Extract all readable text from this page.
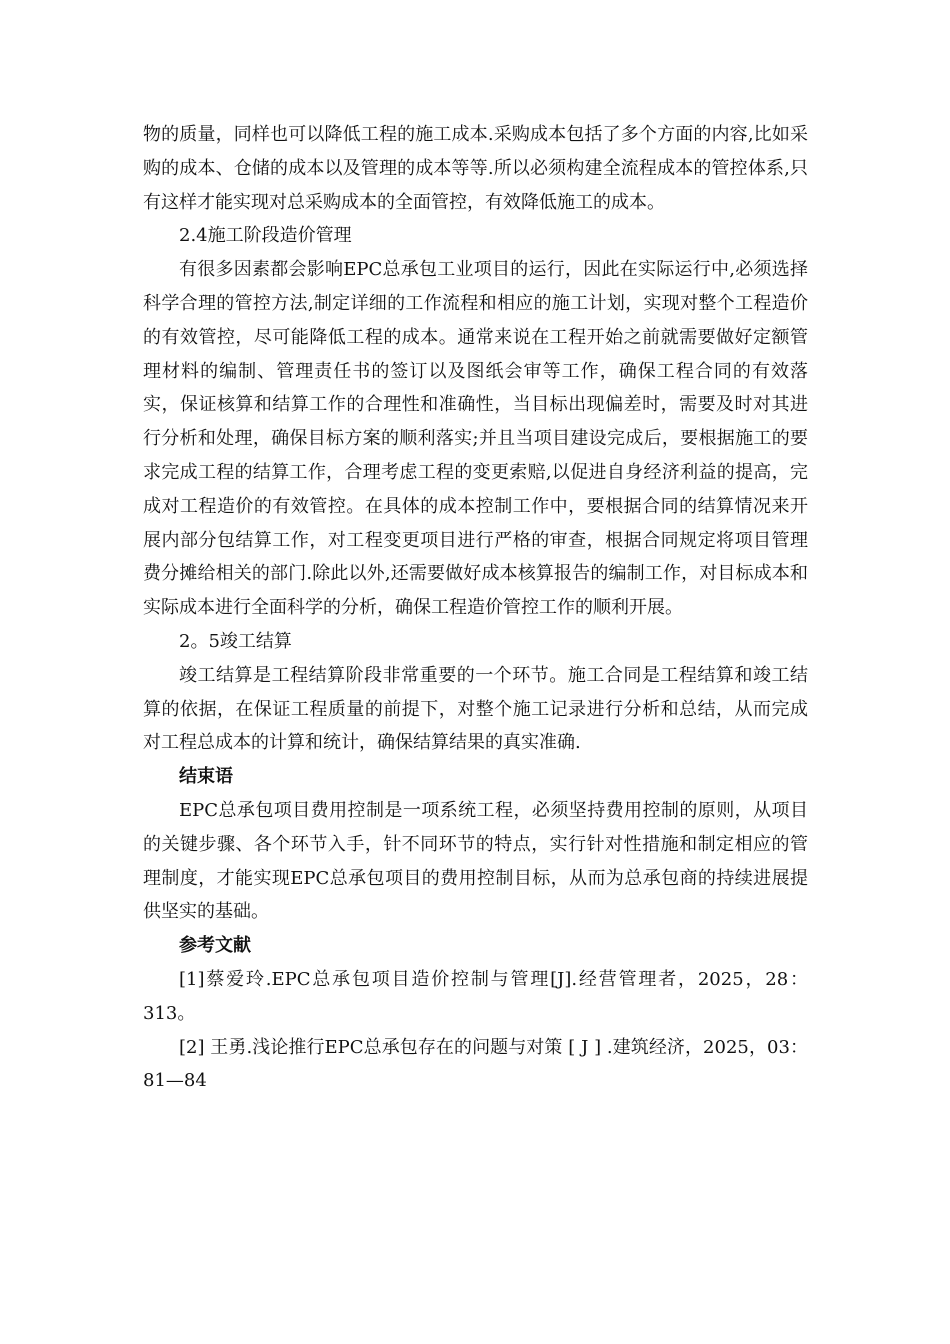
物的质量，同样也可以降低工程的施工成本.采购成本包括了多个方面的内容,比如采购的成本、仓储的成本以及管理的成本等等.所以必须构建全流程成本的管控体系,只有这样才能实现对总采购成本的全面管控，有效降低施工的成本。

2.4施工阶段造价管理

有很多因素都会影响EPC总承包工业项目的运行，因此在实际运行中,必须选择科学合理的管控方法,制定详细的工作流程和相应的施工计划，实现对整个工程造价的有效管控，尽可能降低工程的成本。通常来说在工程开始之前就需要做好定额管理材料的编制、管理责任书的签订以及图纸会审等工作，确保工程合同的有效落实，保证核算和结算工作的合理性和准确性，当目标出现偏差时，需要及时对其进行分析和处理，确保目标方案的顺利落实;并且当项目建设完成后，要根据施工的要求完成工程的结算工作，合理考虑工程的变更索赔,以促进自身经济利益的提高，完成对工程造价的有效管控。在具体的成本控制工作中，要根据合同的结算情况来开展内部分包结算工作，对工程变更项目进行严格的审查，根据合同规定将项目管理费分摊给相关的部门.除此以外,还需要做好成本核算报告的编制工作，对目标成本和实际成本进行全面科学的分析，确保工程造价管控工作的顺利开展。

2。5竣工结算

竣工结算是工程结算阶段非常重要的一个环节。施工合同是工程结算和竣工结算的依据，在保证工程质量的前提下，对整个施工记录进行分析和总结，从而完成对工程总成本的计算和统计，确保结算结果的真实准确.

结束语

EPC总承包项目费用控制是一项系统工程，必须坚持费用控制的原则，从项目的关键步骤、各个环节入手，针不同环节的特点，实行针对性措施和制定相应的管理制度，才能实现EPC总承包项目的费用控制目标，从而为总承包商的持续进展提供坚实的基础。

参考文献

[1]蔡爱玲.EPC总承包项目造价控制与管理[J].经营管理者，2025，28：313。

[2] 王勇.浅论推行EPC总承包存在的问题与对策 [ J ] .建筑经济，2025，03：81—84
